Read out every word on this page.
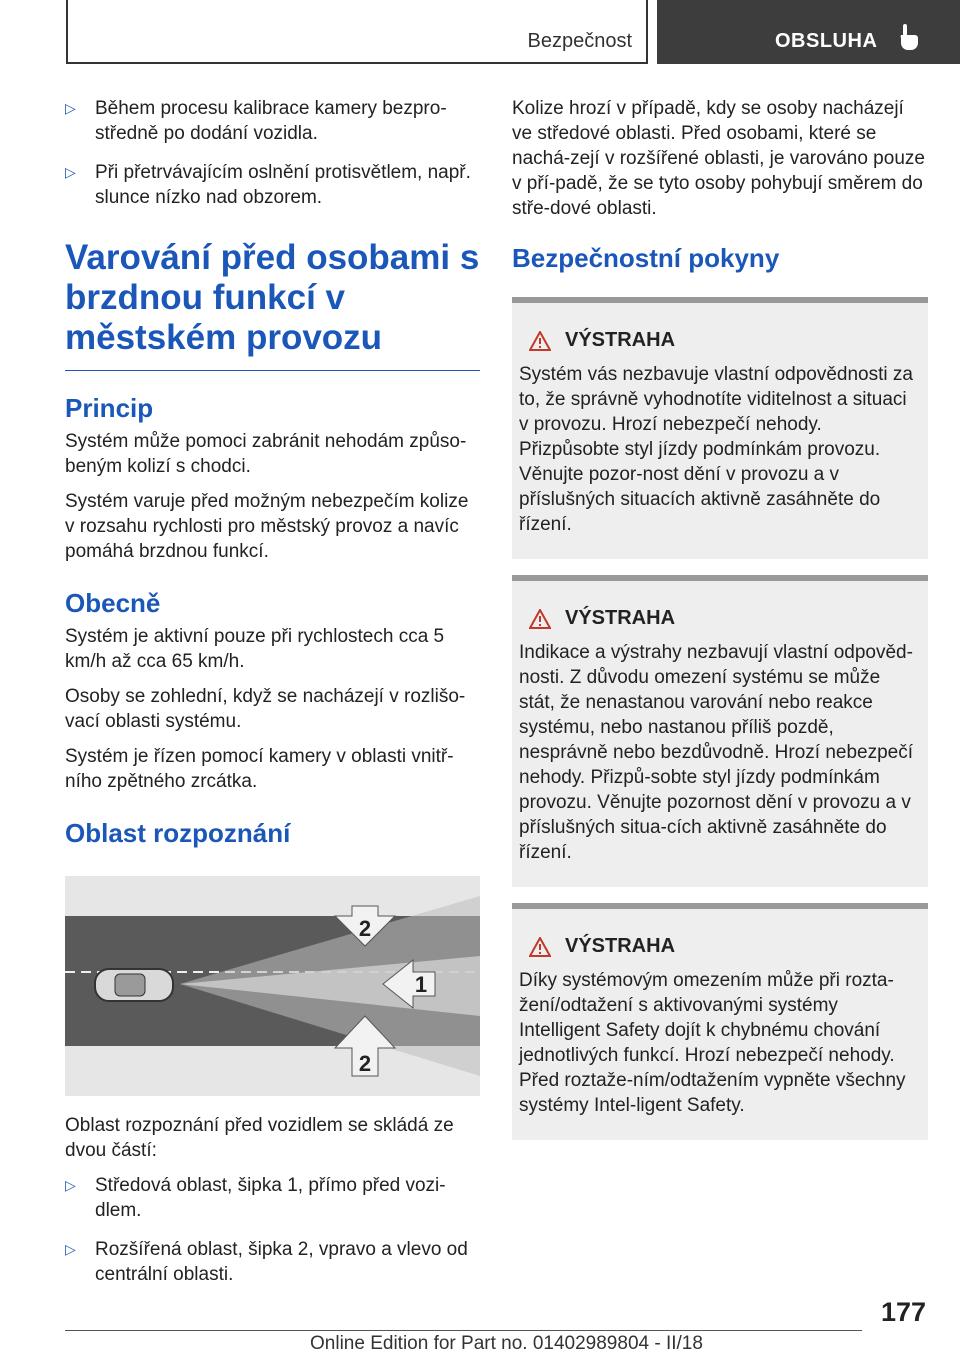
Bezpečnost	OBSLUHA
▷ Během procesu kalibrace kamery bezpro-středně po dodání vozidla.
▷ Při přetrvávajícím oslnění protisvětlem, např. slunce nízko nad obzorem.
Varování před osobami s brzdnou funkcí v městském provozu
Princip

Systém může pomoci zabránit nehodám způso-beným kolizí s chodci.

Systém varuje před možným nebezpečím kolize v rozsahu rychlosti pro městský provoz a navíc pomáhá brzdnou funkcí.

Obecně

Systém je aktivní pouze při rychlostech cca 5 km/h až cca 65 km/h.

Osoby se zohlední, když se nacházejí v rozlišo-vací oblasti systému.

Systém je řízen pomocí kamery v oblasti vnitř-ního zpětného zrcátka.

Oblast rozpoznání
2
1
2

Oblast rozpoznání před vozidlem se skládá ze dvou částí:

▷ Středová oblast, šipka 1, přímo před vozi-dlem.
▷ Rozšířená oblast, šipka 2, vpravo a vlevo od centrální oblasti.

Kolize hrozí v případě, kdy se osoby nacházejí ve středové oblasti. Před osobami, které se nachá-zejí v rozšířené oblasti, je varováno pouze v pří-padě, že se tyto osoby pohybují směrem do stře-dové oblasti.

Bezpečnostní pokyny
VÝSTRAHA

Systém vás nezbavuje vlastní odpovědnosti za to, že správně vyhodnotíte viditelnost a situaci v provozu. Hrozí nebezpečí nehody. Přizpůsobte styl jízdy podmínkám provozu. Věnujte pozor-nost dění v provozu a v příslušných situacích aktivně zasáhněte do řízení.

VÝSTRAHA

Indikace a výstrahy nezbavují vlastní odpověd-nosti. Z důvodu omezení systému se může stát, že nenastanou varování nebo reakce systému, nebo nastanou příliš pozdě, nesprávně nebo bezdůvodně. Hrozí nebezpečí nehody. Přizpů-sobte styl jízdy podmínkám provozu. Věnujte pozornost dění v provozu a v příslušných situa-cích aktivně zasáhněte do řízení.

VÝSTRAHA

Díky systémovým omezením může při rozta-žení/odtažení s aktivovanými systémy Intelligent Safety dojít k chybnému chování jednotlivých funkcí. Hrozí nebezpečí nehody. Před roztaže-ním/odtažením vypněte všechny systémy Intel-ligent Safety.

177
Online Edition for Part no. 01402989804 - II/18
